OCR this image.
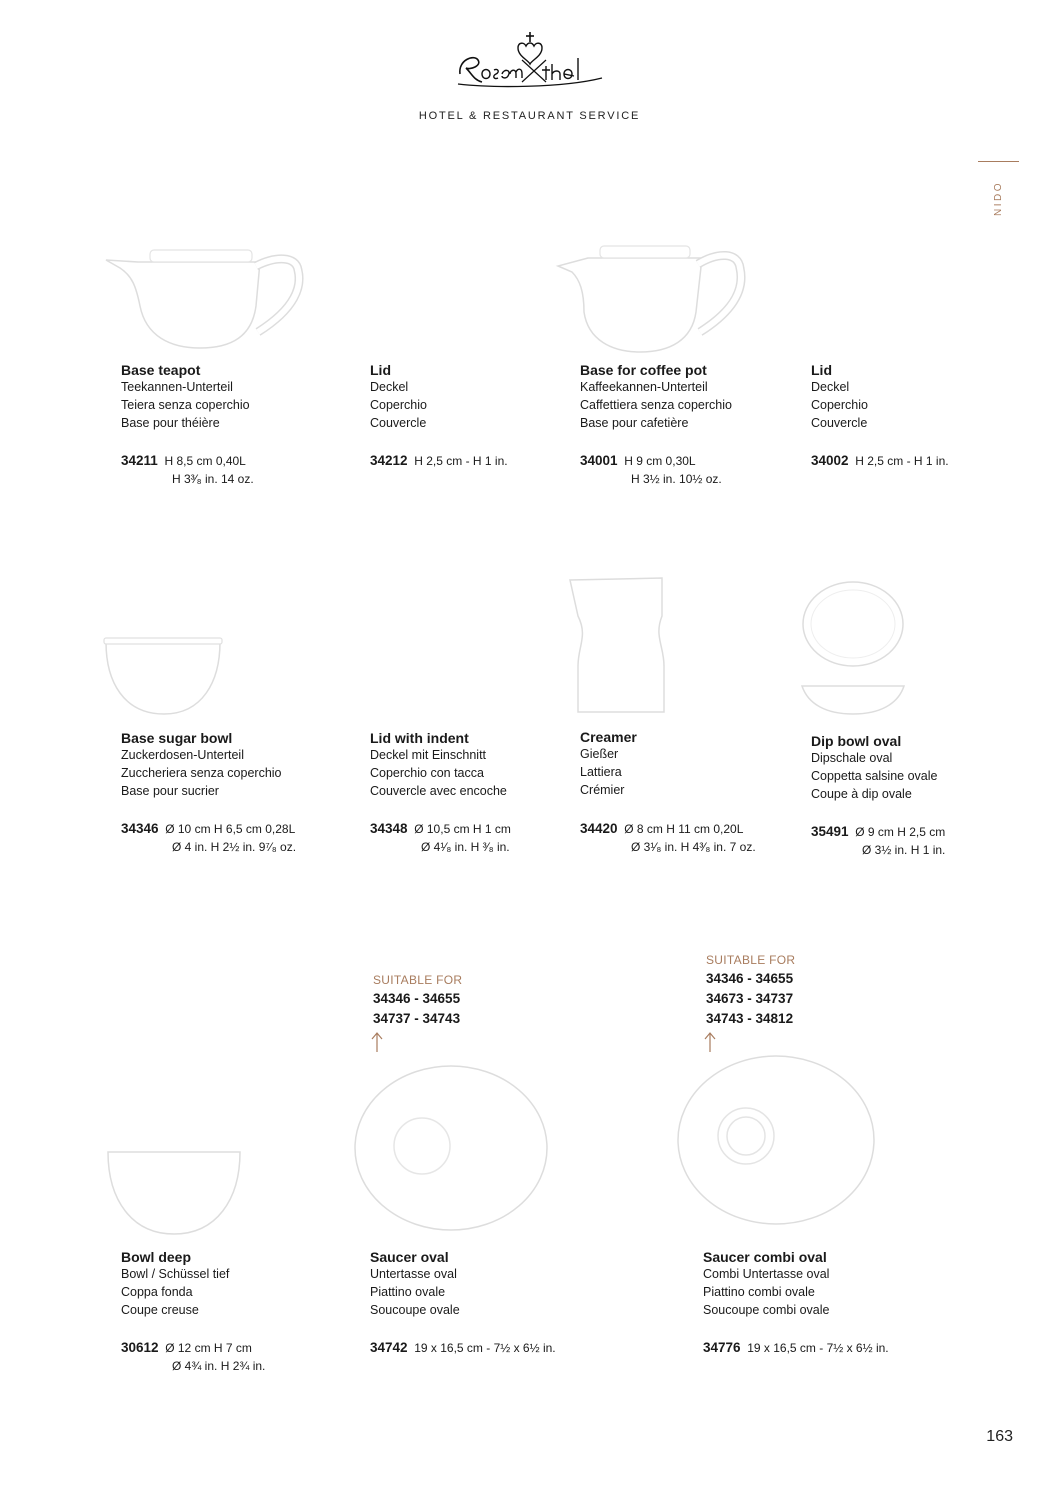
HOTEL & RESTAURANT SERVICE
NIDO
Base teapot
Teekannen-Unterteil
Teiera senza coperchio
Base pour théière
34211 H 8,5 cm 0,40L
H 3³⁄₈ in. 14 oz.
Lid
Deckel
Coperchio
Couvercle
34212 H 2,5 cm - H 1 in.
Base for coffee pot
Kaffeekannen-Unterteil
Caffettiera senza coperchio
Base pour cafetière
34001 H 9 cm 0,30L
H 3½ in. 10½ oz.
Lid
Deckel
Coperchio
Couvercle
34002 H 2,5 cm - H 1 in.
Base sugar bowl
Zuckerdosen-Unterteil
Zuccheriera senza coperchio
Base pour sucrier
34346 Ø 10 cm H 6,5 cm 0,28L
Ø 4 in. H 2½ in. 9⁷⁄₈ oz.
Lid with indent
Deckel mit Einschnitt
Coperchio con tacca
Couvercle avec encoche
34348 Ø 10,5 cm H 1 cm
Ø 4¹⁄₈ in. H ³⁄₈ in.
Creamer
Gießer
Lattiera
Crémier
34420 Ø 8 cm H 11 cm 0,20L
Ø 3¹⁄₈ in. H 4³⁄₈ in. 7 oz.
Dip bowl oval
Dipschale oval
Coppetta salsine ovale
Coupe à dip ovale
35491 Ø 9 cm H 2,5 cm
Ø 3½ in. H 1 in.
SUITABLE FOR
34346 - 34655
34737 - 34743
SUITABLE FOR
34346 - 34655
34673 - 34737
34743 - 34812
Bowl deep
Bowl / Schüssel tief
Coppa fonda
Coupe creuse
30612 Ø 12 cm H 7 cm
Ø 4¾ in. H 2¾ in.
Saucer oval
Untertasse oval
Piattino ovale
Soucoupe ovale
34742 19 x 16,5 cm - 7½ x 6½ in.
Saucer combi oval
Combi Untertasse oval
Piattino combi ovale
Soucoupe combi ovale
34776 19 x 16,5 cm - 7½ x 6½ in.
163
